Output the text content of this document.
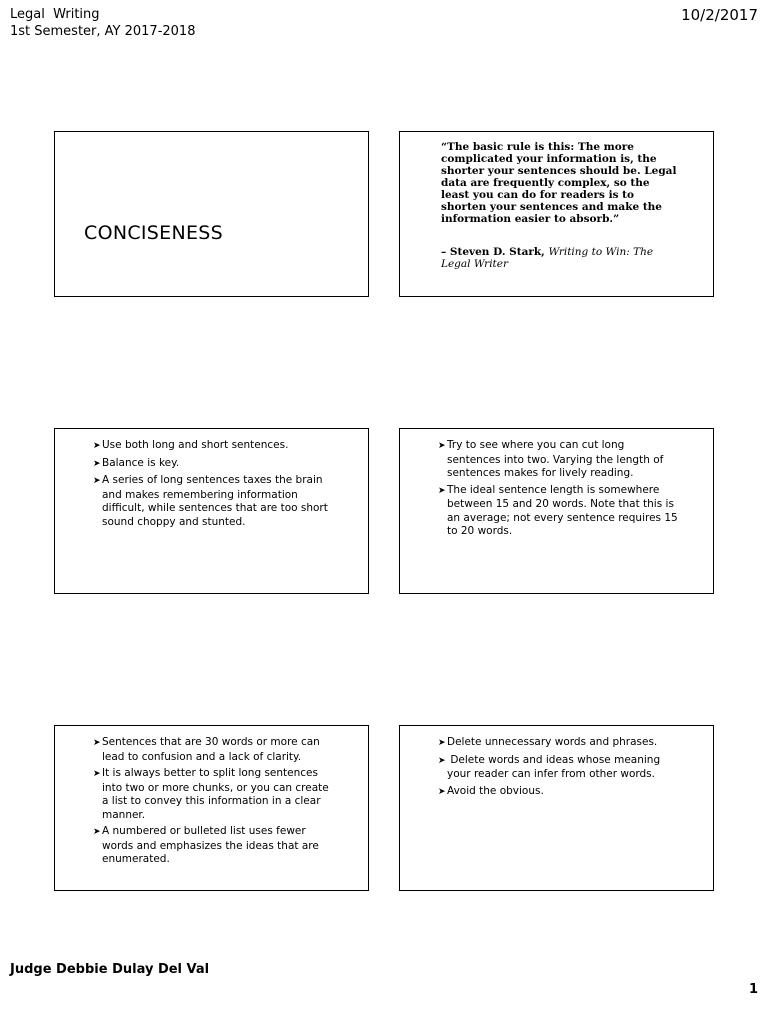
Legal  Writing
1st Semester, AY 2017-2018
10/2/2017
CONCISENESS
“The basic rule is this: The more complicated your information is, the shorter your sentences should be. Legal data are frequently complex, so the least you can do for readers is to shorten your sentences and make the information easier to absorb.”
– Steven D. Stark, Writing to Win: The Legal Writer
➤Use both long and short sentences.
➤Balance is key.
➤A series of long sentences taxes the brain and makes remembering information difficult, while sentences that are too short sound choppy and stunted.
➤Try to see where you can cut long sentences into two. Varying the length of sentences makes for lively reading.
➤The ideal sentence length is somewhere between 15 and 20 words. Note that this is an average; not every sentence requires 15 to 20 words.
➤Sentences that are 30 words or more can lead to confusion and a lack of clarity.
➤It is always better to split long sentences into two or more chunks, or you can create a list to convey this information in a clear manner.
➤A numbered or bulleted list uses fewer words and emphasizes the ideas that are enumerated.
➤Delete unnecessary words and phrases.
➤ Delete words and ideas whose meaning your reader can infer from other words.
➤Avoid the obvious.
Judge Debbie Dulay Del Val
1
